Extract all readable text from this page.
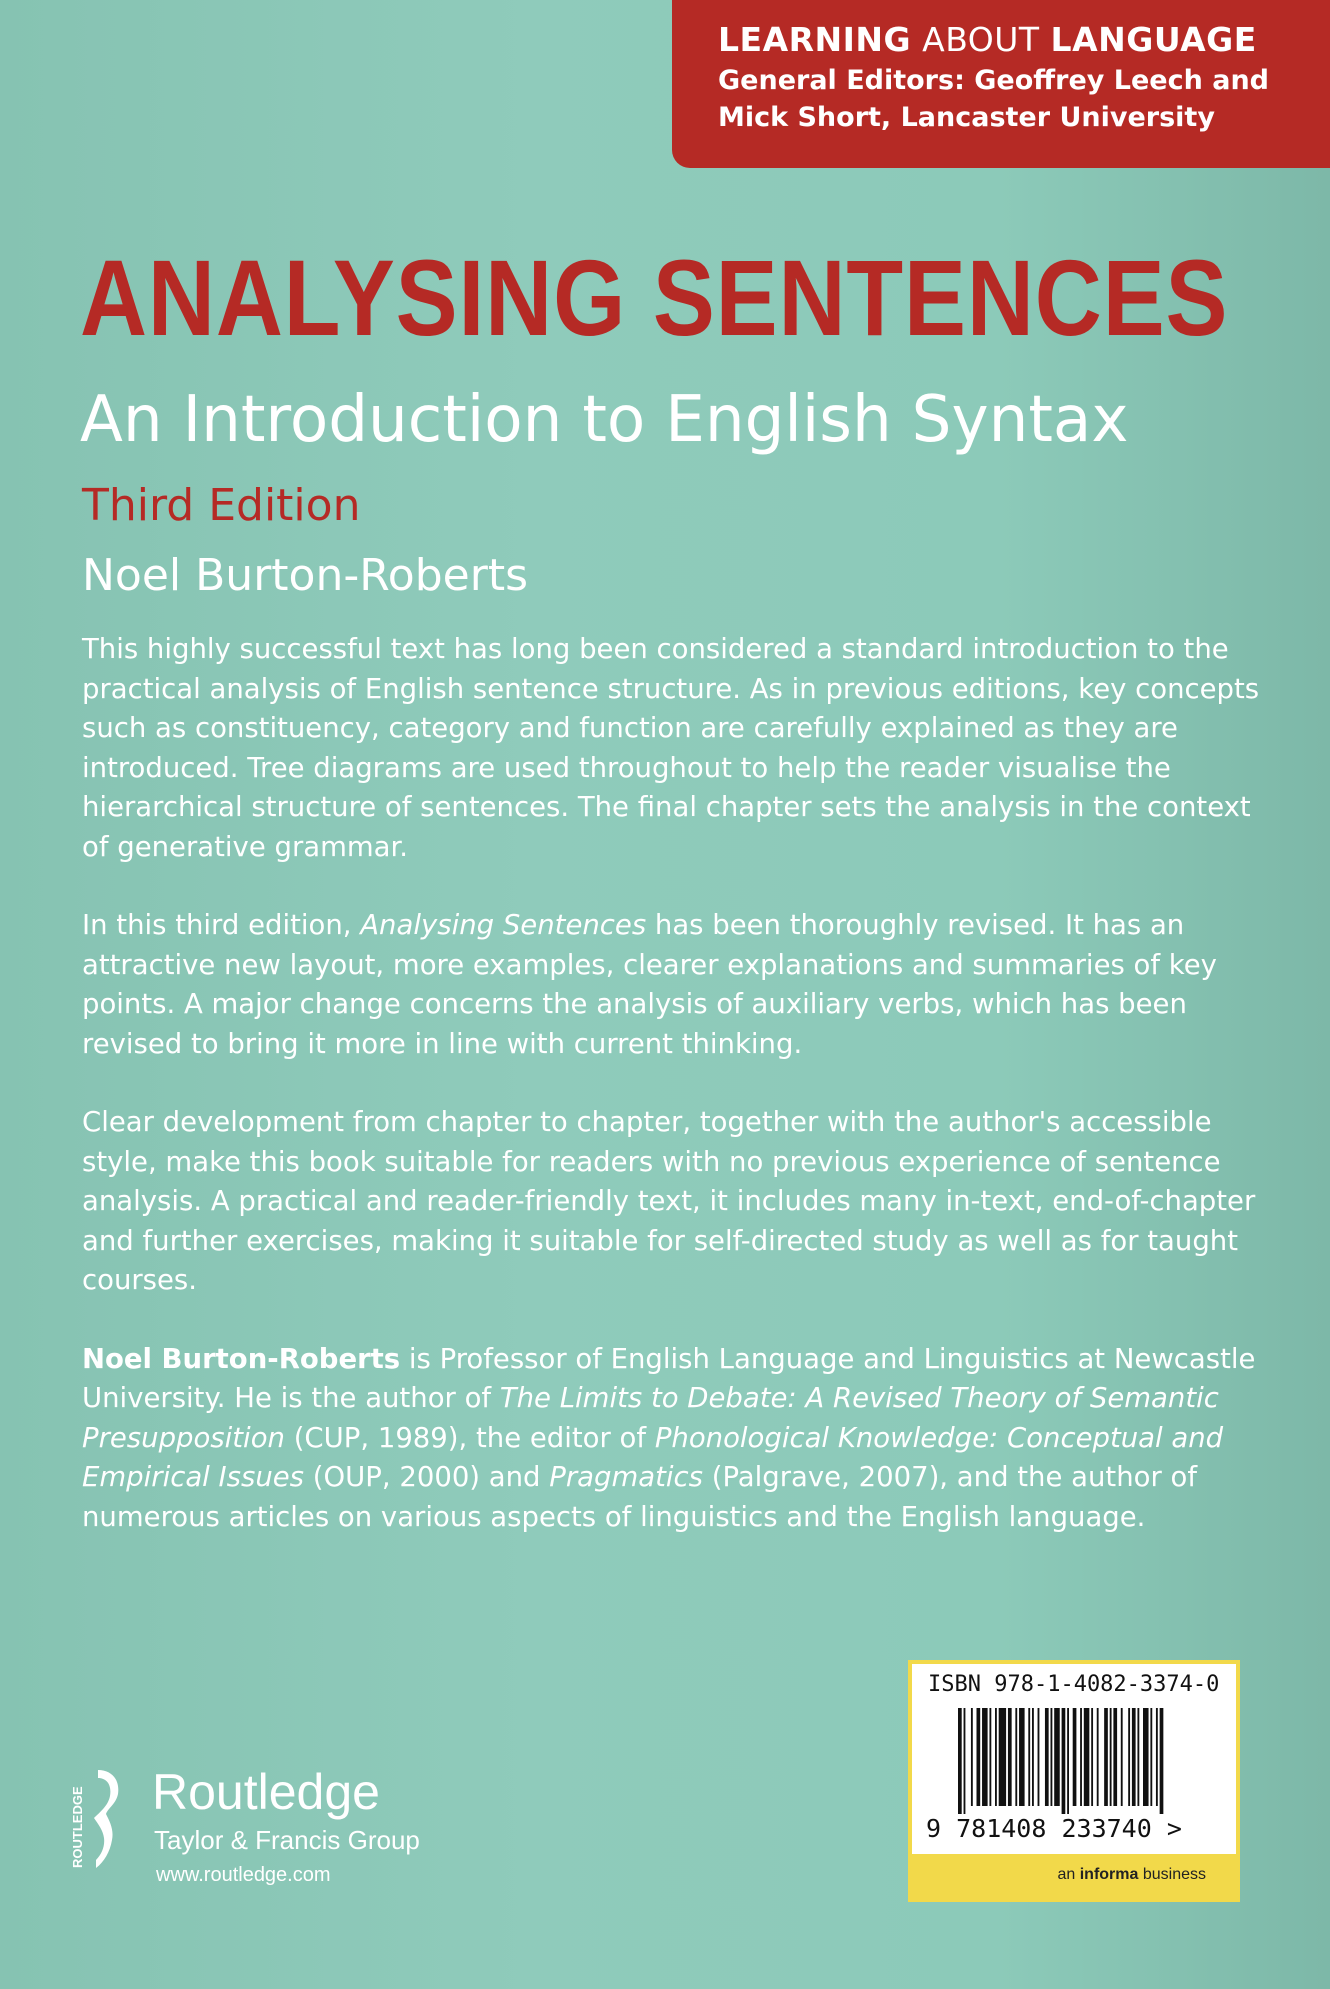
LEARNING ABOUT LANGUAGE
General Editors: Geoffrey Leech and
Mick Short, Lancaster University
ANALYSING SENTENCES
An Introduction to English Syntax
Third Edition
Noel Burton-Roberts

This highly successful text has long been considered a standard introduction to the practical analysis of English sentence structure. As in previous editions, key concepts such as constituency, category and function are carefully explained as they are introduced. Tree diagrams are used throughout to help the reader visualise the hierarchical structure of sentences. The final chapter sets the analysis in the context of generative grammar.

In this third edition, Analysing Sentences has been thoroughly revised. It has an attractive new layout, more examples, clearer explanations and summaries of key points. A major change concerns the analysis of auxiliary verbs, which has been revised to bring it more in line with current thinking.

Clear development from chapter to chapter, together with the author's accessible style, make this book suitable for readers with no previous experience of sentence analysis. A practical and reader-friendly text, it includes many in-text, end-of-chapter and further exercises, making it suitable for self-directed study as well as for taught courses.

Noel Burton-Roberts is Professor of English Language and Linguistics at Newcastle University. He is the author of The Limits to Debate: A Revised Theory of Semantic Presupposition (CUP, 1989), the editor of Phonological Knowledge: Conceptual and Empirical Issues (OUP, 2000) and Pragmatics (Palgrave, 2007), and the author of numerous articles on various aspects of linguistics and the English language.

ROUTLEDGE Routledge
Taylor & Francis Group
www.routledge.com
ISBN 978-1-4082-3374-0
9 781408 233740 >
an informa business
